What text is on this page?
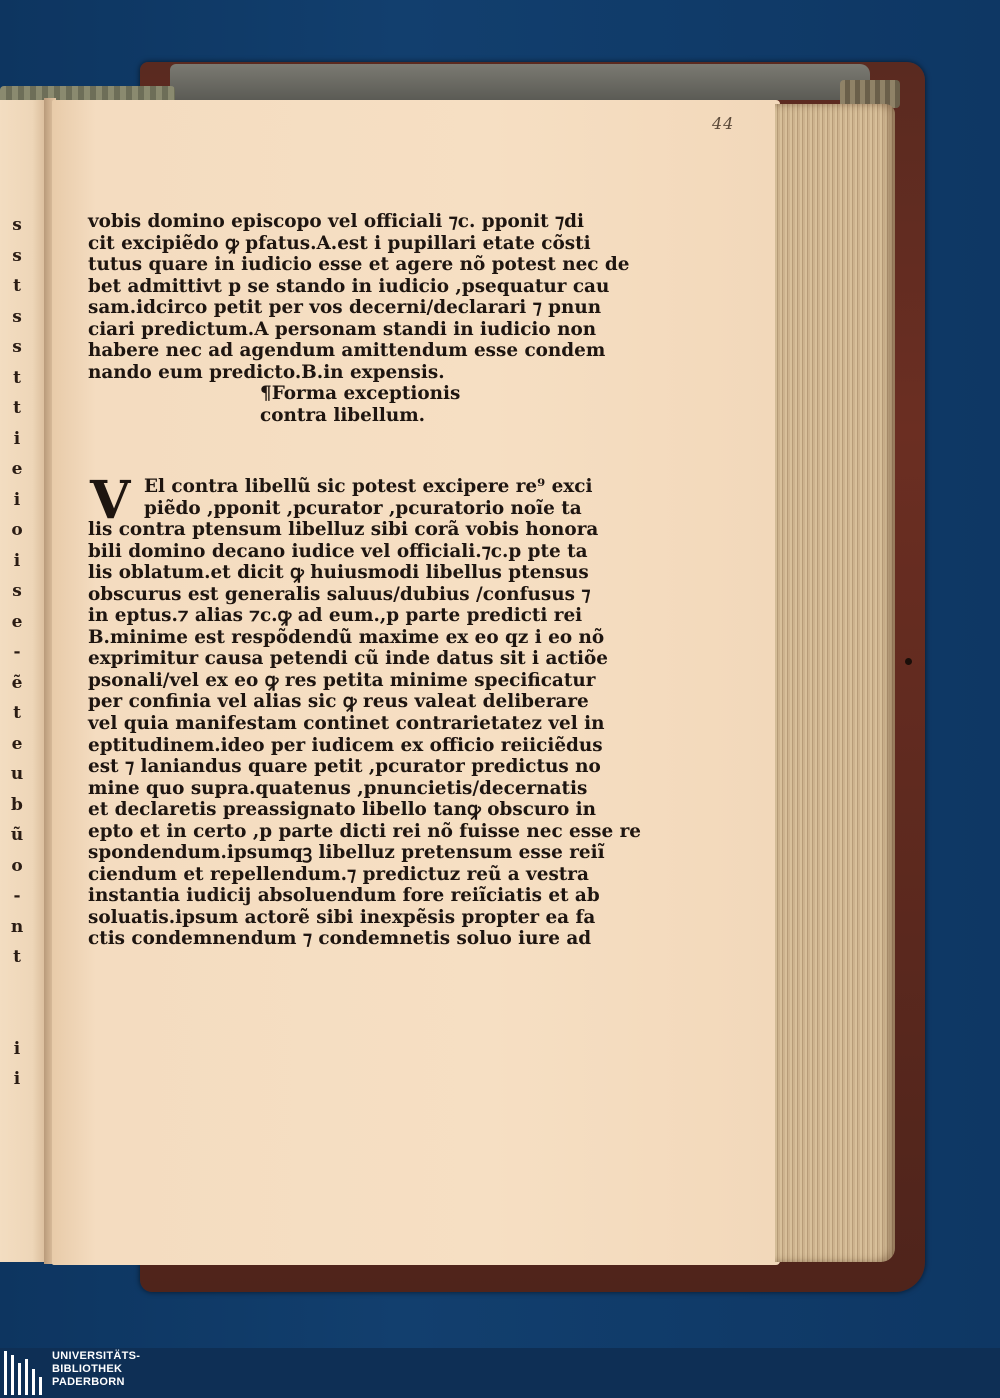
s
s
t
s
s
t
t
i
e
i
o
i
s
e
-
ẽ
t
e
u
b
ũ
o
-
n
t

i
i
44
vobis domino episcopo vel officiali ⁊c. pponit ⁊di
cit excipiẽdo ꝙ pfatus.A.est i pupillari etate cõsti
tutus quare in iudicio esse et agere nõ potest nec de
bet admittivt p se stando in iudicio ,psequatur cau
sam.idcirco petit per vos decerni/declarari ⁊ pnun
ciari predictum.A personam standi in iudicio non
habere nec ad agendum amittendum esse condem
nando eum predicto.B.in expensis.
¶Forma exceptionis
contra libellum.
V El contra libellũ sic potest excipere re⁹ exci
piẽdo ,pponit ,pcurator ,pcuratorio noĩe ta
lis contra ptensum libelluz sibi corã vobis honora
bili domino decano iudice vel officiali.⁊c.p pte ta
lis oblatum.et dicit ꝙ huiusmodi libellus ptensus
obscurus est generalis saluus/dubius /confusus ⁊
in eptus.⁊ alias ⁊c.ꝙ ad eum.,p parte predicti rei
B.minime est respõdendũ maxime ex eo qz i eo nõ
exprimitur causa petendi cũ inde datus sit i actiõe
psonali/vel ex eo ꝙ res petita minime specificatur
per confinia vel alias sic ꝙ reus valeat deliberare
vel quia manifestam continet contrarietatez vel in
eptitudinem.ideo per iudicem ex officio reiiciẽdus
est ⁊ laniandus quare petit ,pcurator predictus no
mine quo supra.quatenus ,pnuncietis/decernatis
et declaretis preassignato libello tanꝙ obscuro in
epto et in certo ,p parte dicti rei nõ fuisse nec esse re
spondendum.ipsumqꝫ libelluz pretensum esse reiĩ
ciendum et repellendum.⁊ predictuz reũ a vestra
instantia iudicij absoluendum fore reiĩciatis et ab
soluatis.ipsum actorẽ sibi inexpẽsis propter ea fa
ctis condemnendum ⁊ condemnetis soluo iure ad
UNIVERSITÄTS-
BIBLIOTHEK
PADERBORN
